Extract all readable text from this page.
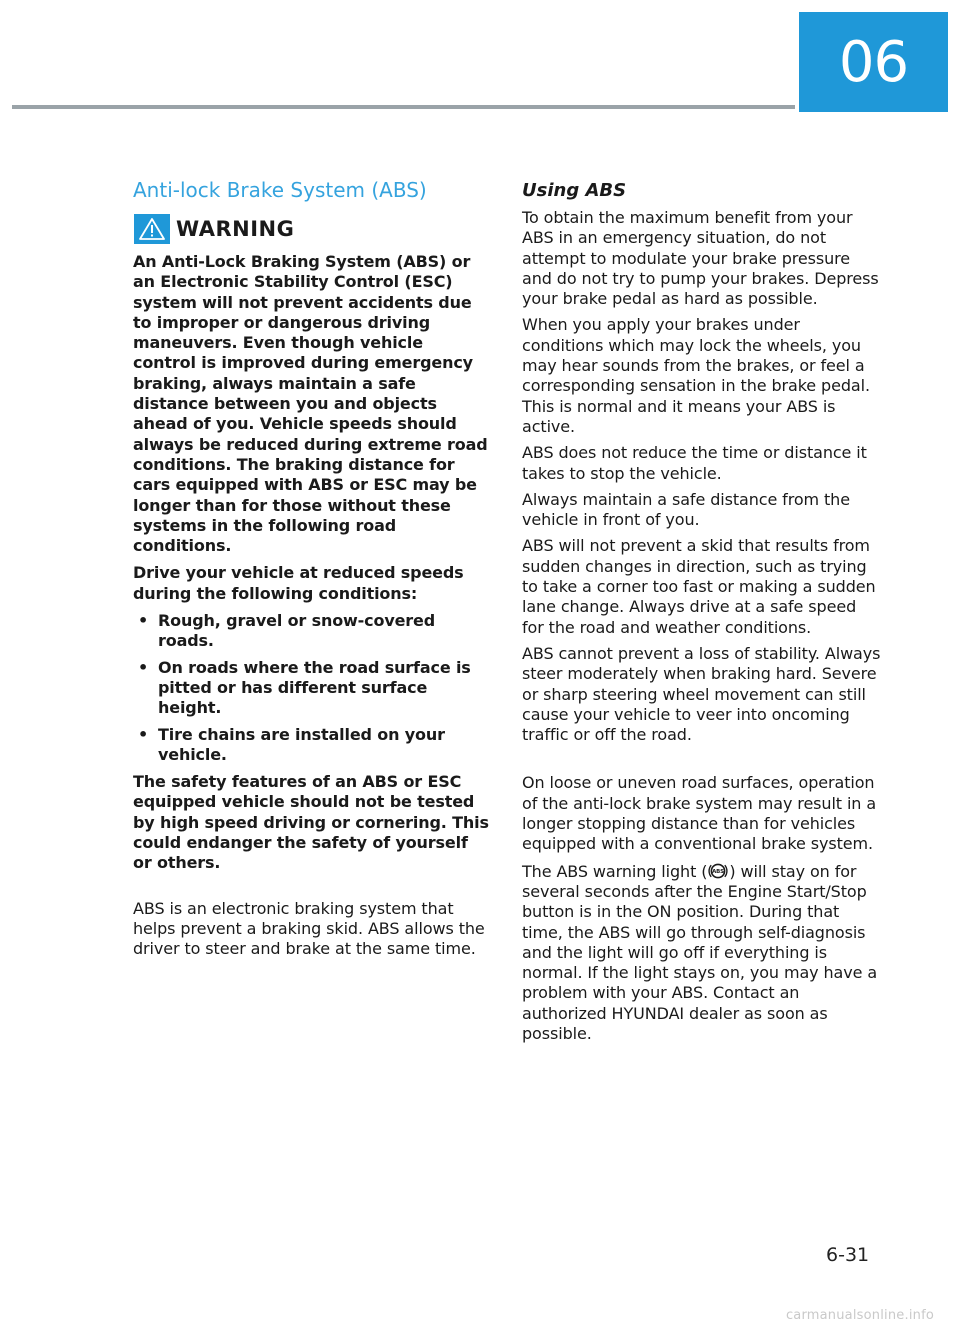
06
Anti-lock Brake System (ABS)
WARNING

An Anti-Lock Braking System (ABS) or an Electronic Stability Control (ESC) system will not prevent accidents due to improper or dangerous driving maneuvers. Even though vehicle control is improved during emergency braking, always maintain a safe distance between you and objects ahead of you. Vehicle speeds should always be reduced during extreme road conditions. The braking distance for cars equipped with ABS or ESC may be longer than for those without these systems in the following road conditions.

Drive your vehicle at reduced speeds during the following conditions:

• Rough, gravel or snow-covered roads.
• On roads where the road surface is pitted or has different surface height.
• Tire chains are installed on your vehicle.

The safety features of an ABS or ESC equipped vehicle should not be tested by high speed driving or cornering. This could endanger the safety of yourself or others.

ABS is an electronic braking system that helps prevent a braking skid. ABS allows the driver to steer and brake at the same time.

Using ABS

To obtain the maximum benefit from your ABS in an emergency situation, do not attempt to modulate your brake pressure and do not try to pump your brakes. Depress your brake pedal as hard as possible.

When you apply your brakes under conditions which may lock the wheels, you may hear sounds from the brakes, or feel a corresponding sensation in the brake pedal. This is normal and it means your ABS is active.

ABS does not reduce the time or distance it takes to stop the vehicle.

Always maintain a safe distance from the vehicle in front of you.

ABS will not prevent a skid that results from sudden changes in direction, such as trying to take a corner too fast or making a sudden lane change. Always drive at a safe speed for the road and weather conditions.

ABS cannot prevent a loss of stability. Always steer moderately when braking hard. Severe or sharp steering wheel movement can still cause your vehicle to veer into oncoming traffic or off the road.

On loose or uneven road surfaces, operation of the anti-lock brake system may result in a longer stopping distance than for vehicles equipped with a conventional brake system.

The ABS warning light ( ABS ) will stay on for several seconds after the Engine Start/Stop button is in the ON position. During that time, the ABS will go through self-diagnosis and the light will go off if everything is normal. If the light stays on, you may have a problem with your ABS. Contact an authorized HYUNDAI dealer as soon as possible.

6-31
carmanualsonline.info
